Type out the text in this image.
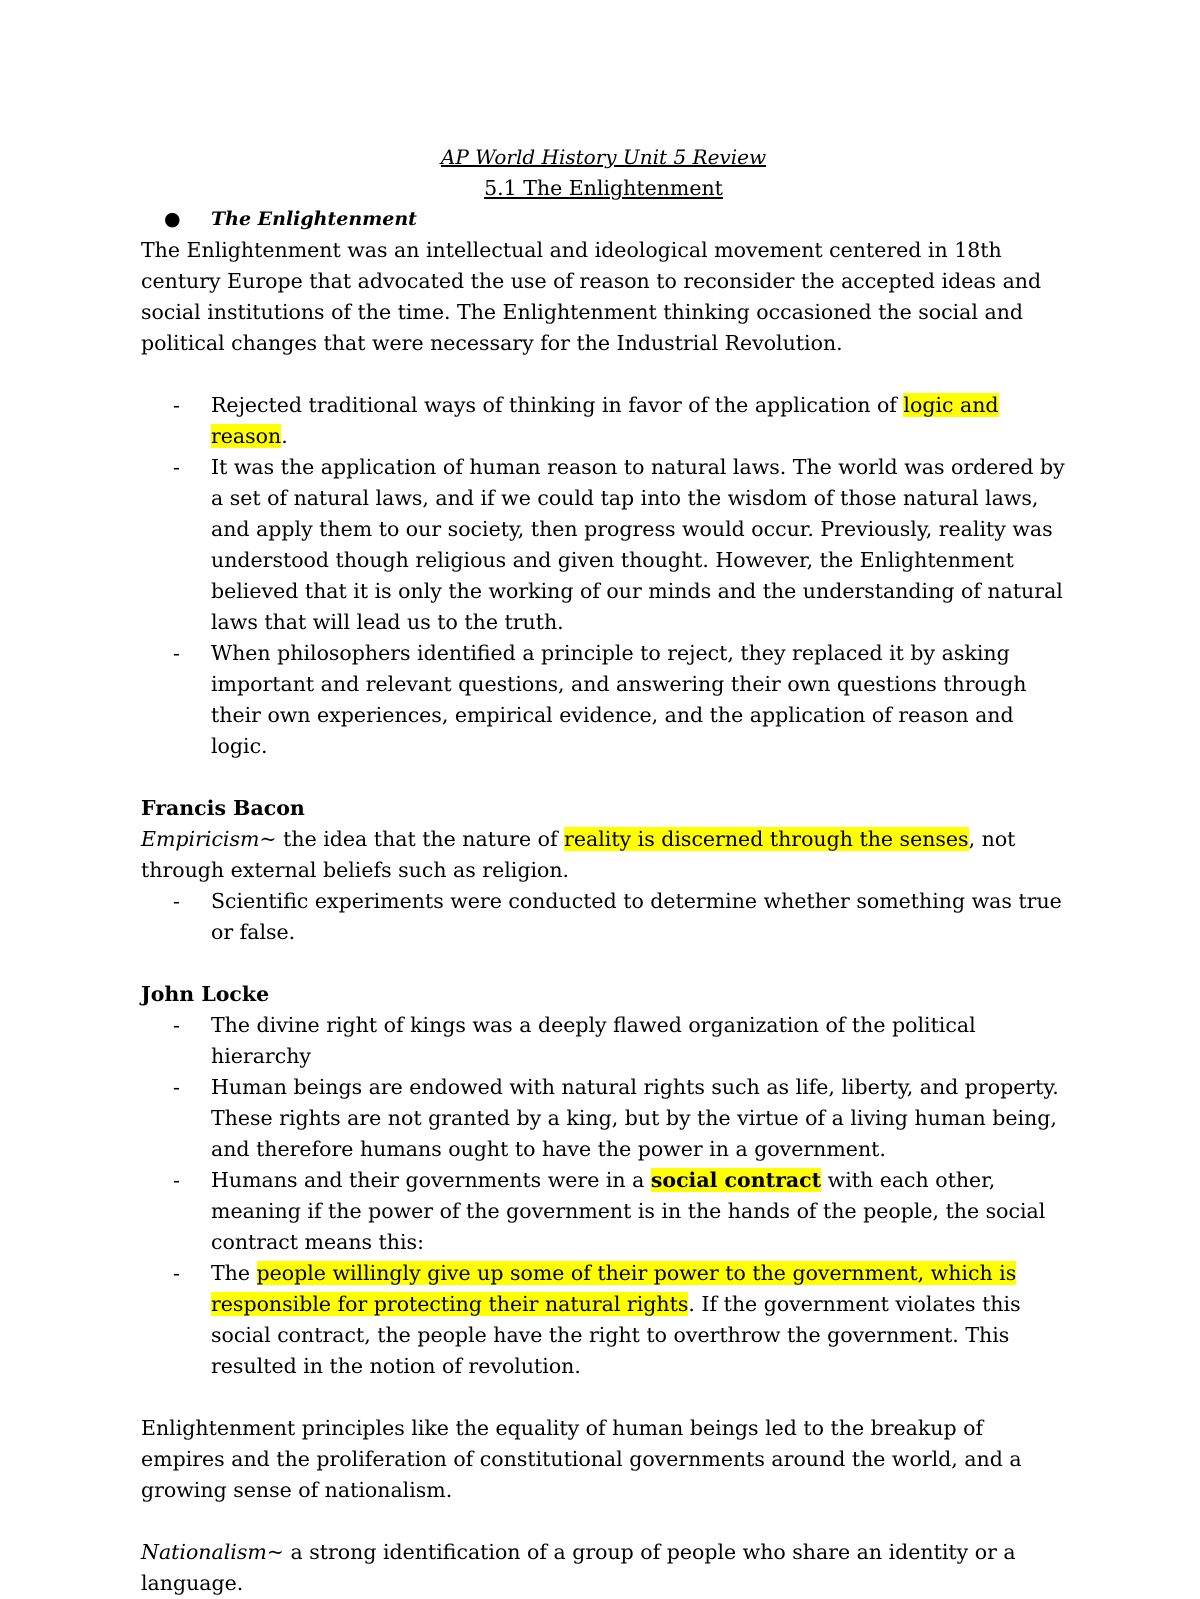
AP World History Unit 5 Review
5.1 The Enlightenment
● The Enlightenment

The Enlightenment was an intellectual and ideological movement centered in 18th century Europe that advocated the use of reason to reconsider the accepted ideas and social institutions of the time. The Enlightenment thinking occasioned the social and political changes that were necessary for the Industrial Revolution.

- Rejected traditional ways of thinking in favor of the application of logic and reason.
- It was the application of human reason to natural laws. The world was ordered by a set of natural laws, and if we could tap into the wisdom of those natural laws, and apply them to our society, then progress would occur. Previously, reality was understood though religious and given thought. However, the Enlightenment believed that it is only the working of our minds and the understanding of natural laws that will lead us to the truth.
- When philosophers identified a principle to reject, they replaced it by asking important and relevant questions, and answering their own questions through their own experiences, empirical evidence, and the application of reason and logic.

Francis Bacon

Empiricism~ the idea that the nature of reality is discerned through the senses, not through external beliefs such as religion.

- Scientific experiments were conducted to determine whether something was true or false.

John Locke

- The divine right of kings was a deeply flawed organization of the political hierarchy
- Human beings are endowed with natural rights such as life, liberty, and property. These rights are not granted by a king, but by the virtue of a living human being, and therefore humans ought to have the power in a government.
- Humans and their governments were in a social contract with each other, meaning if the power of the government is in the hands of the people, the social contract means this:
- The people willingly give up some of their power to the government, which is responsible for protecting their natural rights. If the government violates this social contract, the people have the right to overthrow the government. This resulted in the notion of revolution.

Enlightenment principles like the equality of human beings led to the breakup of empires and the proliferation of constitutional governments around the world, and a growing sense of nationalism.

Nationalism~ a strong identification of a group of people who share an identity or a language.
